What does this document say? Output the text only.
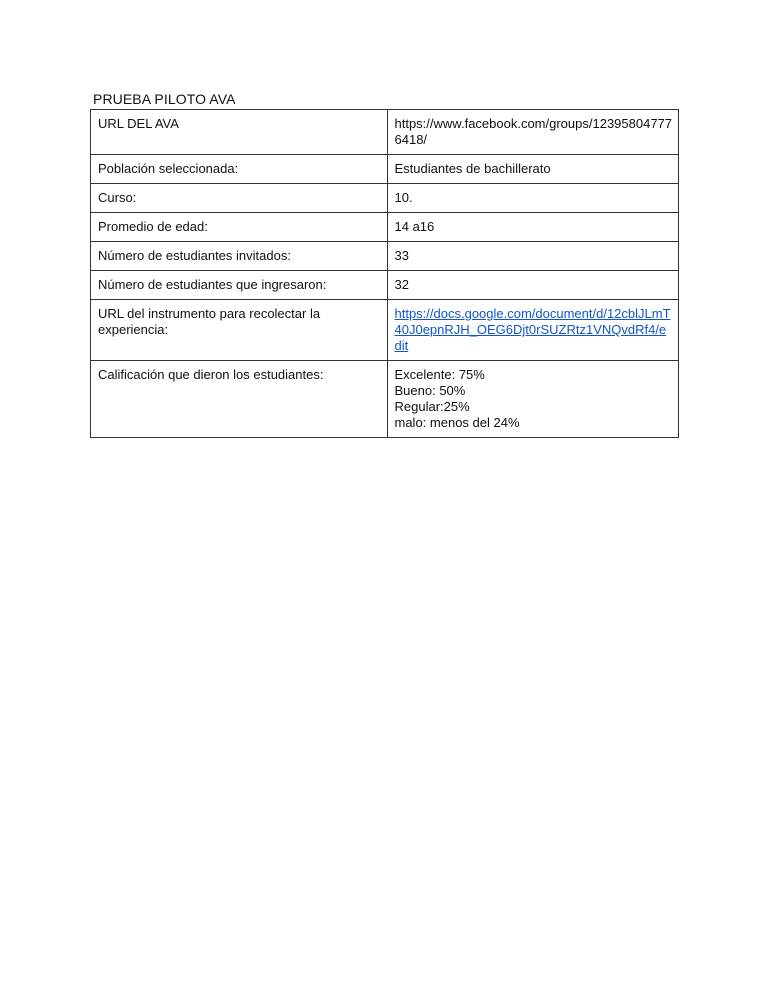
PRUEBA PILOTO AVA
URL DEL AVA	https://www.facebook.com/groups/123958047776418/
Población seleccionada:	Estudiantes de bachillerato
Curso:	10.
Promedio de edad:	14 a16
Número de estudiantes invitados:	33
Número de estudiantes que ingresaron:	32
URL del instrumento para recolectar la experiencia:	https://docs.google.com/document/d/12cblJLmT40J0epnRJH_OEG6Djt0rSUZRtz1VNQvdRf4/edit
Calificación que dieron los estudiantes:	Excelente: 75%
Bueno: 50%
Regular:25%
malo: menos del 24%
